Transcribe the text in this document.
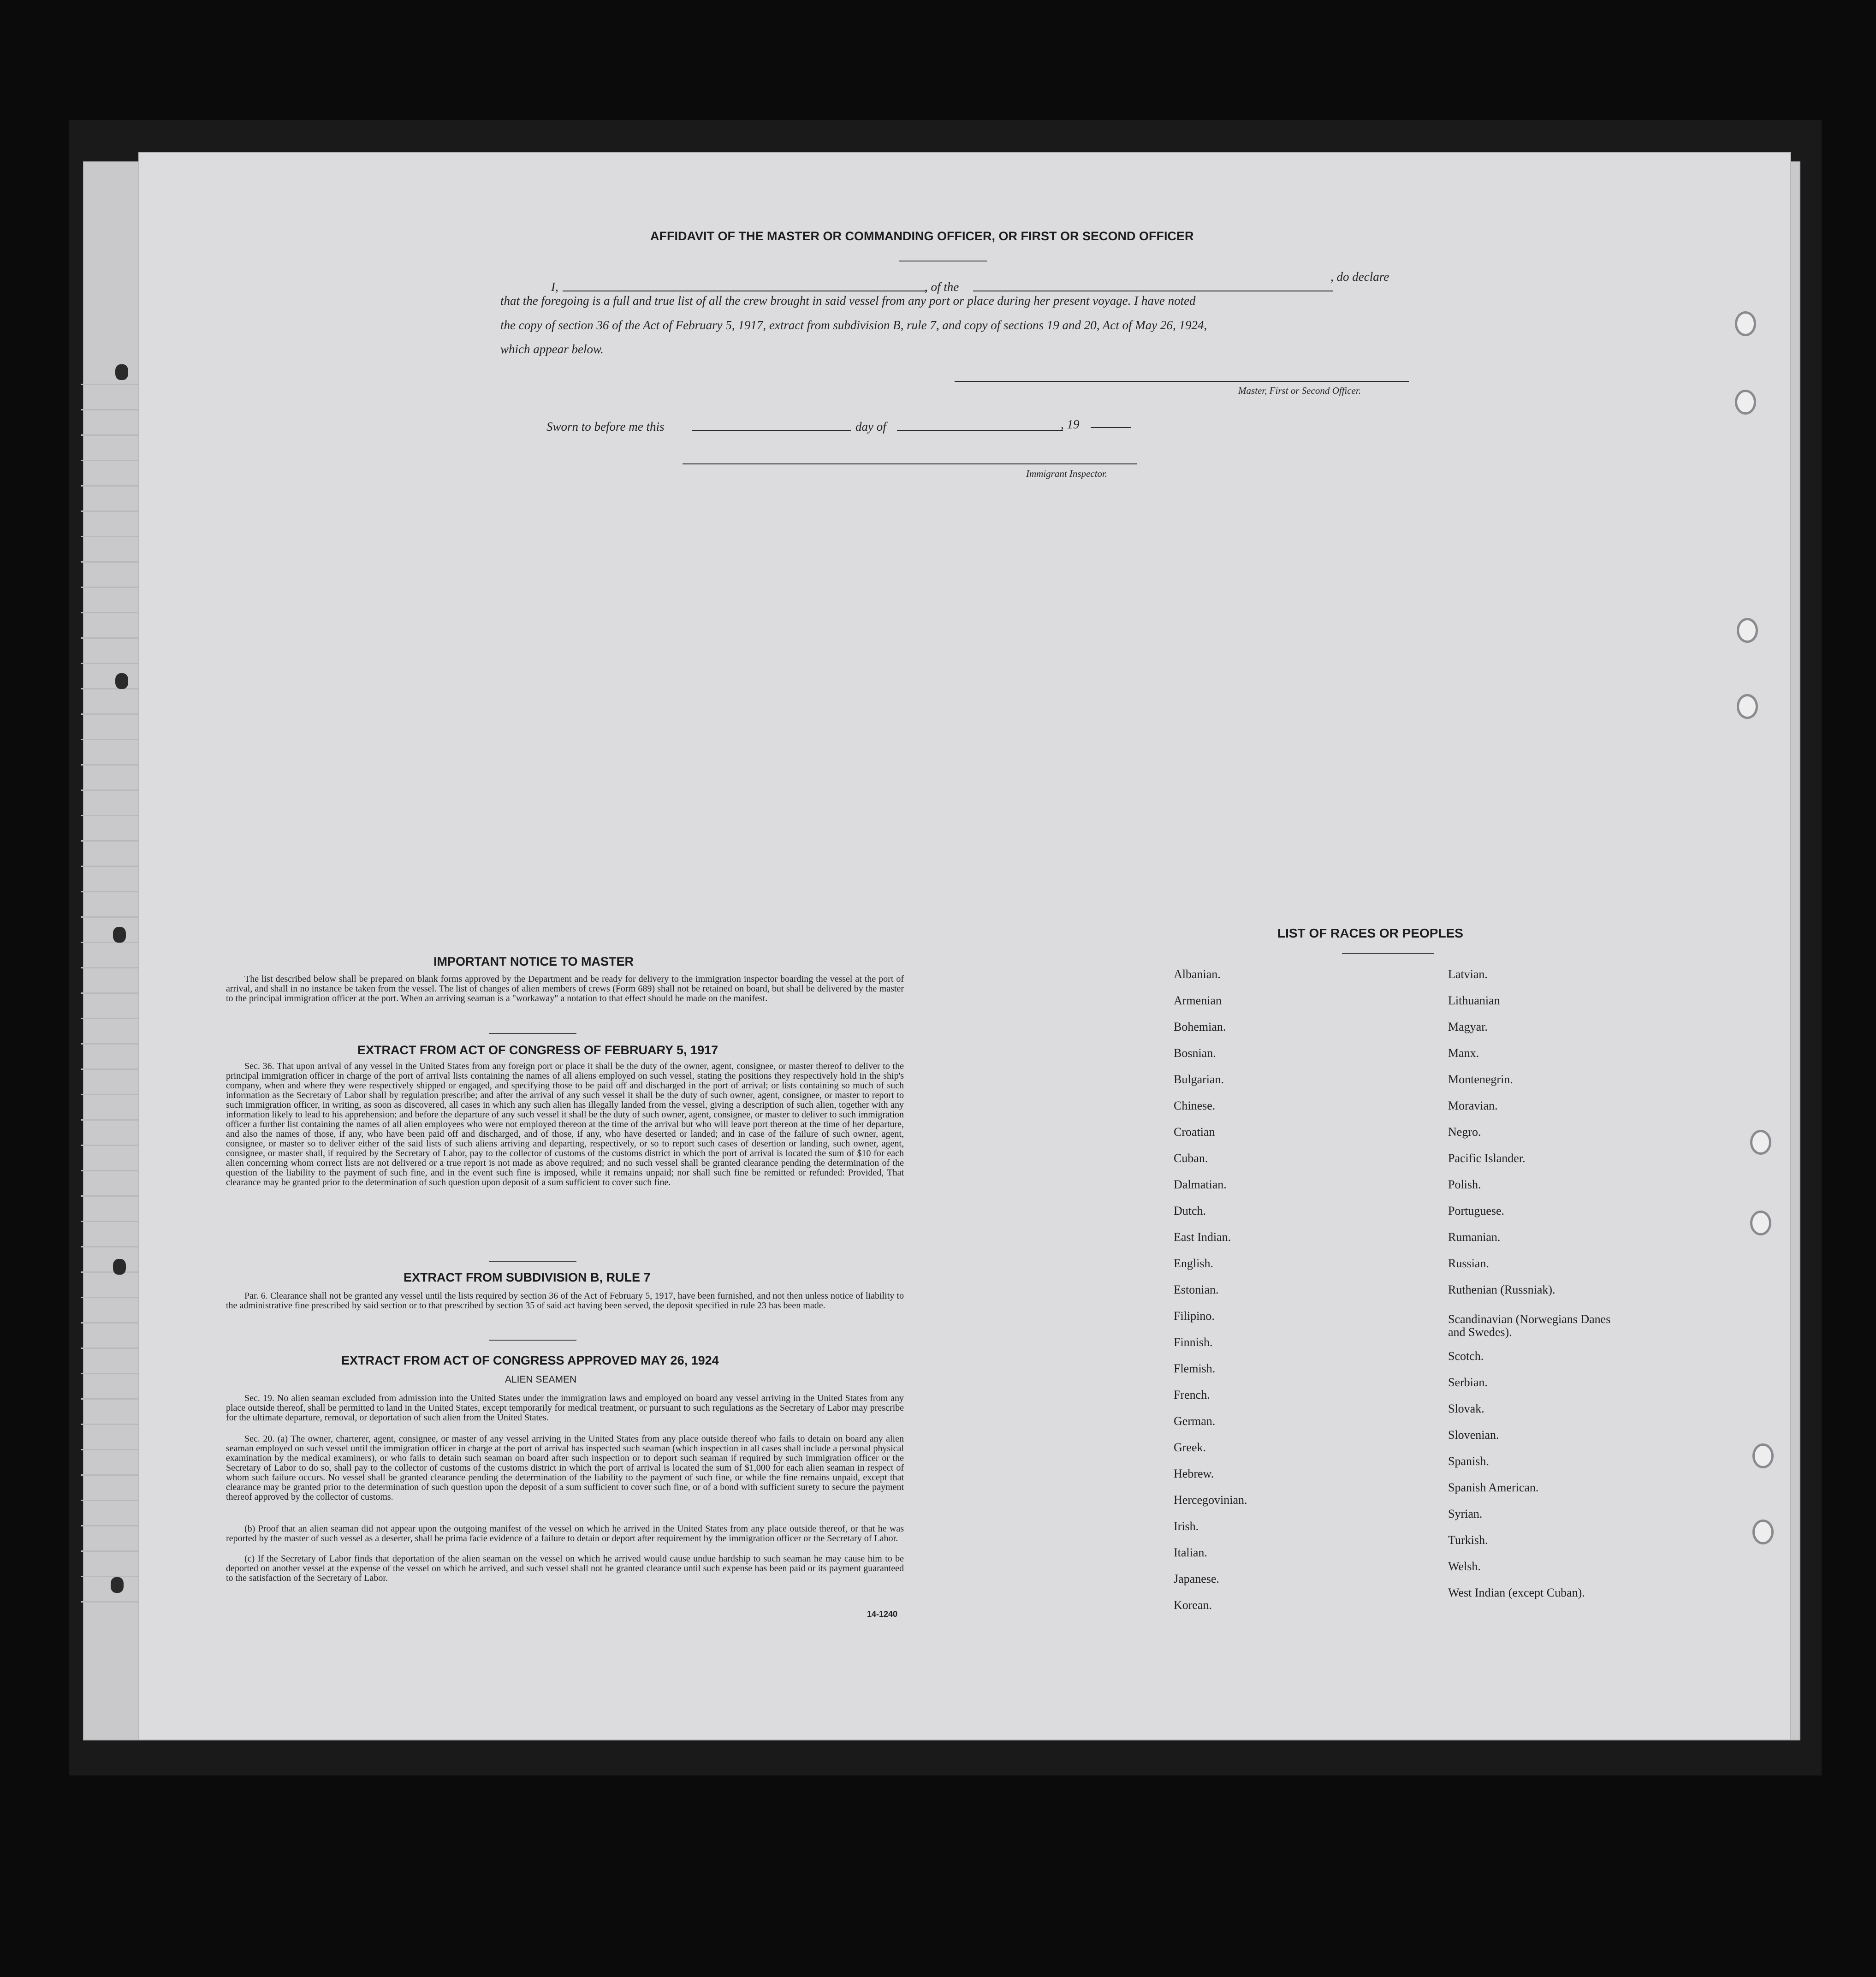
AFFIDAVIT OF THE MASTER OR COMMANDING OFFICER, OR FIRST OR SECOND OFFICER
I,	, of the
, do declare
that the foregoing is a full and true list of all the crew brought in said vessel from any port or place during her present voyage. I have noted
the copy of section 36 of the Act of February 5, 1917, extract from subdivision B, rule 7, and copy of sections 19 and 20, Act of May 26, 1924,
which appear below.
Master, First or Second Officer.
Sworn to before me this	day of	, 19
Immigrant Inspector.
IMPORTANT NOTICE TO MASTER
The list described below shall be prepared on blank forms approved by the Department and be ready for delivery to the immigration inspector boarding the vessel at the port of arrival, and shall in no instance be taken from the vessel. The list of changes of alien members of crews (Form 689) shall not be retained on board, but shall be delivered by the master to the principal immigration officer at the port. When an arriving seaman is a "workaway" a notation to that effect should be made on the manifest.
EXTRACT FROM ACT OF CONGRESS OF FEBRUARY 5, 1917
Sec. 36. That upon arrival of any vessel in the United States from any foreign port or place it shall be the duty of the owner, agent, consignee, or master thereof to deliver to the principal immigration officer in charge of the port of arrival lists containing the names of all aliens employed on such vessel, stating the positions they respectively hold in the ship's company, when and where they were respectively shipped or engaged, and specifying those to be paid off and discharged in the port of arrival; or lists containing so much of such information as the Secretary of Labor shall by regulation prescribe; and after the arrival of any such vessel it shall be the duty of such owner, agent, consignee, or master to report to such immigration officer, in writing, as soon as discovered, all cases in which any such alien has illegally landed from the vessel, giving a description of such alien, together with any information likely to lead to his apprehension; and before the departure of any such vessel it shall be the duty of such owner, agent, consignee, or master to deliver to such immigration officer a further list containing the names of all alien employees who were not employed thereon at the time of the arrival but who will leave port thereon at the time of her departure, and also the names of those, if any, who have been paid off and discharged, and of those, if any, who have deserted or landed; and in case of the failure of such owner, agent, consignee, or master so to deliver either of the said lists of such aliens arriving and departing, respectively, or so to report such cases of desertion or landing, such owner, agent, consignee, or master shall, if required by the Secretary of Labor, pay to the collector of customs of the customs district in which the port of arrival is located the sum of $10 for each alien concerning whom correct lists are not delivered or a true report is not made as above required; and no such vessel shall be granted clearance pending the determination of the question of the liability to the payment of such fine, and in the event such fine is imposed, while it remains unpaid; nor shall such fine be remitted or refunded: Provided, That clearance may be granted prior to the determination of such question upon deposit of a sum sufficient to cover such fine.
EXTRACT FROM SUBDIVISION B, RULE 7
Par. 6. Clearance shall not be granted any vessel until the lists required by section 36 of the Act of February 5, 1917, have been furnished, and not then unless notice of liability to the administrative fine prescribed by said section or to that prescribed by section 35 of said act having been served, the deposit specified in rule 23 has been made.
EXTRACT FROM ACT OF CONGRESS APPROVED MAY 26, 1924
ALIEN SEAMEN
Sec. 19. No alien seaman excluded from admission into the United States under the immigration laws and employed on board any vessel arriving in the United States from any place outside thereof, shall be permitted to land in the United States, except temporarily for medical treatment, or pursuant to such regulations as the Secretary of Labor may prescribe for the ultimate departure, removal, or deportation of such alien from the United States.
Sec. 20. (a) The owner, charterer, agent, consignee, or master of any vessel arriving in the United States from any place outside thereof who fails to detain on board any alien seaman employed on such vessel until the immigration officer in charge at the port of arrival has inspected such seaman (which inspection in all cases shall include a personal physical examination by the medical examiners), or who fails to detain such seaman on board after such inspection or to deport such seaman if required by such immigration officer or the Secretary of Labor to do so, shall pay to the collector of customs of the customs district in which the port of arrival is located the sum of $1,000 for each alien seaman in respect of whom such failure occurs. No vessel shall be granted clearance pending the determination of the liability to the payment of such fine, or while the fine remains unpaid, except that clearance may be granted prior to the determination of such question upon the deposit of a sum sufficient to cover such fine, or of a bond with sufficient surety to secure the payment thereof approved by the collector of customs.
(b) Proof that an alien seaman did not appear upon the outgoing manifest of the vessel on which he arrived in the United States from any place outside thereof, or that he was reported by the master of such vessel as a deserter, shall be prima facie evidence of a failure to detain or deport after requirement by the immigration officer or the Secretary of Labor.
(c) If the Secretary of Labor finds that deportation of the alien seaman on the vessel on which he arrived would cause undue hardship to such seaman he may cause him to be deported on another vessel at the expense of the vessel on which he arrived, and such vessel shall not be granted clearance until such expense has been paid or its payment guaranteed to the satisfaction of the Secretary of Labor.
14-1240
LIST OF RACES OR PEOPLES
Albanian.
Armenian
Bohemian.
Bosnian.
Bulgarian.
Chinese.
Croatian
Cuban.
Dalmatian.
Dutch.
East Indian.
English.
Estonian.
Filipino.
Finnish.
Flemish.
French.
German.
Greek.
Hebrew.
Hercegovinian.
Irish.
Italian.
Japanese.
Korean.
Latvian.
Lithuanian
Magyar.
Manx.
Montenegrin.
Moravian.
Negro.
Pacific Islander.
Polish.
Portuguese.
Rumanian.
Russian.
Ruthenian (Russniak).
Scandinavian (Norwegians Danes and Swedes).
Scotch.
Serbian.
Slovak.
Slovenian.
Spanish.
Spanish American.
Syrian.
Turkish.
Welsh.
West Indian (except Cuban).
